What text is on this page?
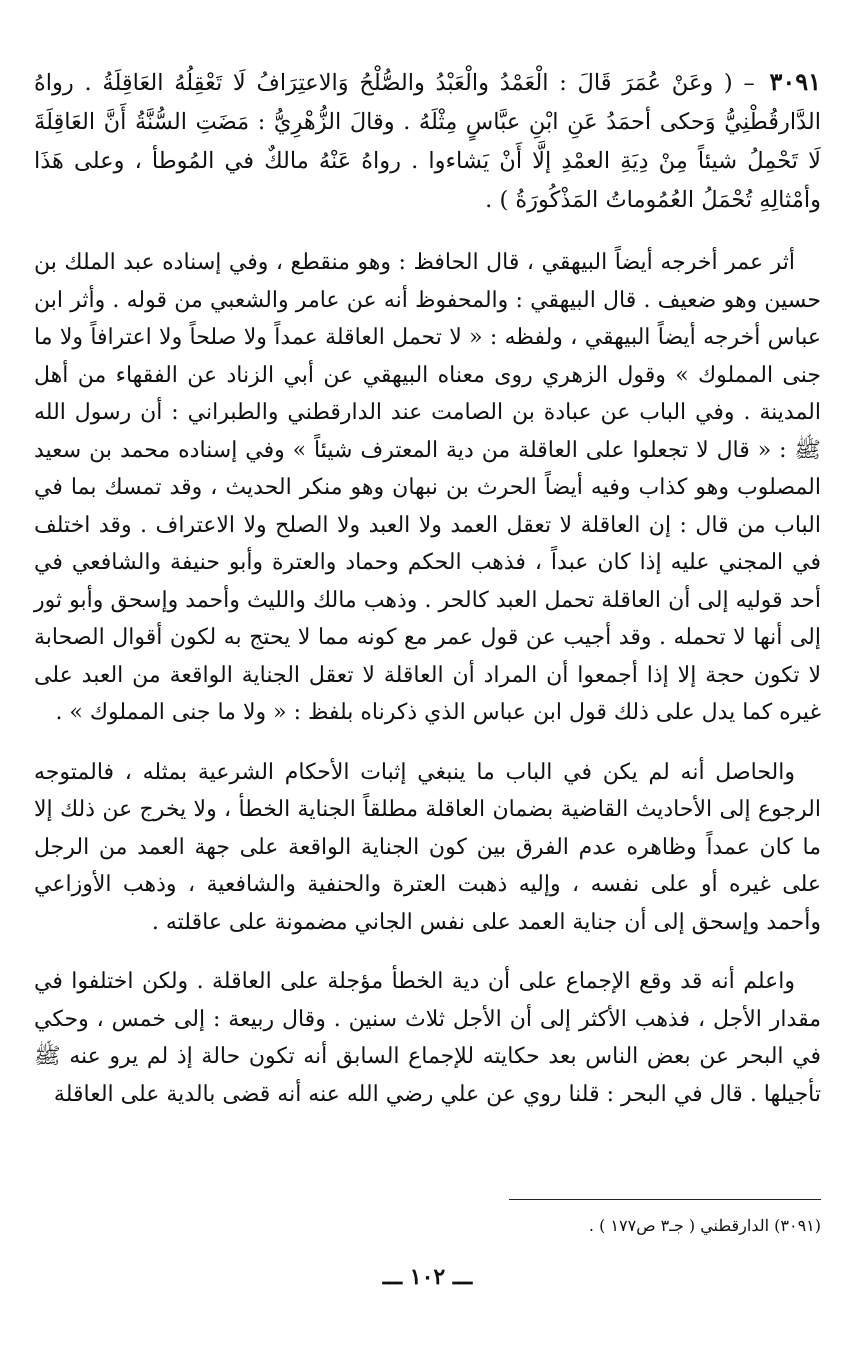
٣٠٩١ – ( وعَنْ عُمَرَ قَالَ : الْعَمْدُ والْعَبْدُ والصُّلْحُ وَالاعتِرَافُ لَا تَعْقِلُهُ العَاقِلَةُ . رواهُ الدَّارقُطْنِيُّ وَحكى أحمَدُ عَنِ ابْنِ عبَّاسٍ مِثْلَهُ . وقالَ الزُّهْرِيُّ : مَضَتِ السُّنَّةُ أَنَّ العَاقِلَةَ لَا تَحْمِلُ شيئاً مِنْ دِيَةِ العمْدِ إلَّا أَنْ يَشاءوا . رواهُ عَنْهُ مالكٌ في المُوطأ ، وعلى هَذَا وأمْثالِهِ تُحْمَلُ العُمُوماتُ المَذْكُورَةُ ) .

أثر عمر أخرجه أيضاً البيهقي ، قال الحافظ : وهو منقطع ، وفي إسناده عبد الملك بن حسين وهو ضعيف . قال البيهقي : والمحفوظ أنه عن عامر والشعبي من قوله . وأثر ابن عباس أخرجه أيضاً البيهقي ، ولفظه : « لا تحمل العاقلة عمداً ولا صلحاً ولا اعترافاً ولا ما جنى المملوك » وقول الزهري روى معناه البيهقي عن أبي الزناد عن الفقهاء من أهل المدينة . وفي الباب عن عبادة بن الصامت عند الدارقطني والطبراني : أن رسول الله ﷺ : « قال لا تجعلوا على العاقلة من دية المعترف شيئاً » وفي إسناده محمد بن سعيد المصلوب وهو كذاب وفيه أيضاً الحرث بن نبهان وهو منكر الحديث ، وقد تمسك بما في الباب من قال : إن العاقلة لا تعقل العمد ولا العبد ولا الصلح ولا الاعتراف . وقد اختلف في المجني عليه إذا كان عبداً ، فذهب الحكم وحماد والعترة وأبو حنيفة والشافعي في أحد قوليه إلى أن العاقلة تحمل العبد كالحر . وذهب مالك والليث وأحمد وإسحق وأبو ثور إلى أنها لا تحمله . وقد أجيب عن قول عمر مع كونه مما لا يحتج به لكون أقوال الصحابة لا تكون حجة إلا إذا أجمعوا أن المراد أن العاقلة لا تعقل الجناية الواقعة من العبد على غيره كما يدل على ذلك قول ابن عباس الذي ذكرناه بلفظ : « ولا ما جنى المملوك » .

والحاصل أنه لم يكن في الباب ما ينبغي إثبات الأحكام الشرعية بمثله ، فالمتوجه الرجوع إلى الأحاديث القاضية بضمان العاقلة مطلقاً الجناية الخطأ ، ولا يخرج عن ذلك إلا ما كان عمداً وظاهره عدم الفرق بين كون الجناية الواقعة على جهة العمد من الرجل على غيره أو على نفسه ، وإليه ذهبت العترة والحنفية والشافعية ، وذهب الأوزاعي وأحمد وإسحق إلى أن جناية العمد على نفس الجاني مضمونة على عاقلته .

واعلم أنه قد وقع الإجماع على أن دية الخطأ مؤجلة على العاقلة . ولكن اختلفوا في مقدار الأجل ، فذهب الأكثر إلى أن الأجل ثلاث سنين . وقال ربيعة : إلى خمس ، وحكي في البحر عن بعض الناس بعد حكايته للإجماع السابق أنه تكون حالة إذ لم يرو عنه ﷺ تأجيلها . قال في البحر : قلنا روي عن علي رضي الله عنه أنه قضى بالدية على العاقلة

(٣٠٩١) الدارقطني ( جـ٣ ص١٧٧ ) .
ـــ ١٠٢ ـــ
